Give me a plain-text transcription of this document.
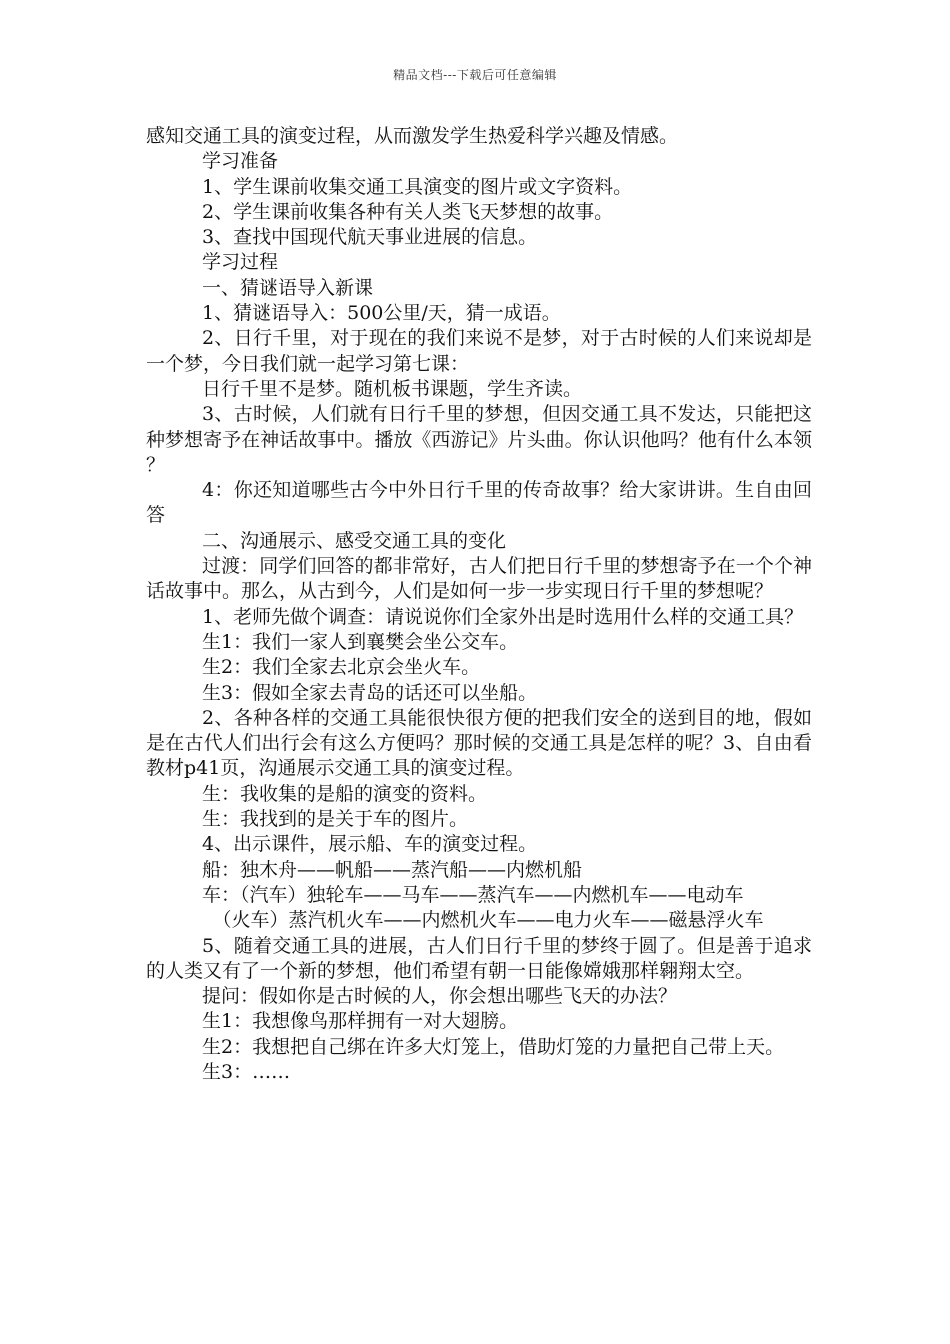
精品文档---下载后可任意编辑

感知交通工具的演变过程，从而激发学生热爱科学兴趣及情感。

学习准备

1、学生课前收集交通工具演变的图片或文字资料。

2、学生课前收集各种有关人类飞天梦想的故事。

3、查找中国现代航天事业进展的信息。

学习过程

一、猜谜语导入新课

1、猜谜语导入：500公里/天，猜一成语。

2、日行千里，对于现在的我们来说不是梦，对于古时候的人们来说却是一个梦，今日我们就一起学习第七课：

日行千里不是梦。随机板书课题，学生齐读。

3、古时候，人们就有日行千里的梦想，但因交通工具不发达，只能把这种梦想寄予在神话故事中。播放《西游记》片头曲。你认识他吗？他有什么本领？

4：你还知道哪些古今中外日行千里的传奇故事？给大家讲讲。生自由回答

二、沟通展示、感受交通工具的变化

过渡：同学们回答的都非常好，古人们把日行千里的梦想寄予在一个个神话故事中。那么，从古到今，人们是如何一步一步实现日行千里的梦想呢？

1、老师先做个调查：请说说你们全家外出是时选用什么样的交通工具？

生1：我们一家人到襄樊会坐公交车。

生2：我们全家去北京会坐火车。

生3：假如全家去青岛的话还可以坐船。

2、各种各样的交通工具能很快很方便的把我们安全的送到目的地，假如是在古代人们出行会有这么方便吗？那时候的交通工具是怎样的呢？3、自由看教材p41页，沟通展示交通工具的演变过程。

生：我收集的是船的演变的资料。

生：我找到的是关于车的图片。

4、出示课件，展示船、车的演变过程。

船：独木舟——帆船——蒸汽船——内燃机船

车：（汽车）独轮车——马车——蒸汽车——内燃机车——电动车

（火车）蒸汽机火车——内燃机火车——电力火车——磁悬浮火车

5、随着交通工具的进展，古人们日行千里的梦终于圆了。但是善于追求的人类又有了一个新的梦想，他们希望有朝一日能像嫦娥那样翱翔太空。

提问：假如你是古时候的人，你会想出哪些飞天的办法？

生1：我想像鸟那样拥有一对大翅膀。

生2：我想把自己绑在许多大灯笼上，借助灯笼的力量把自己带上天。

生3：……
